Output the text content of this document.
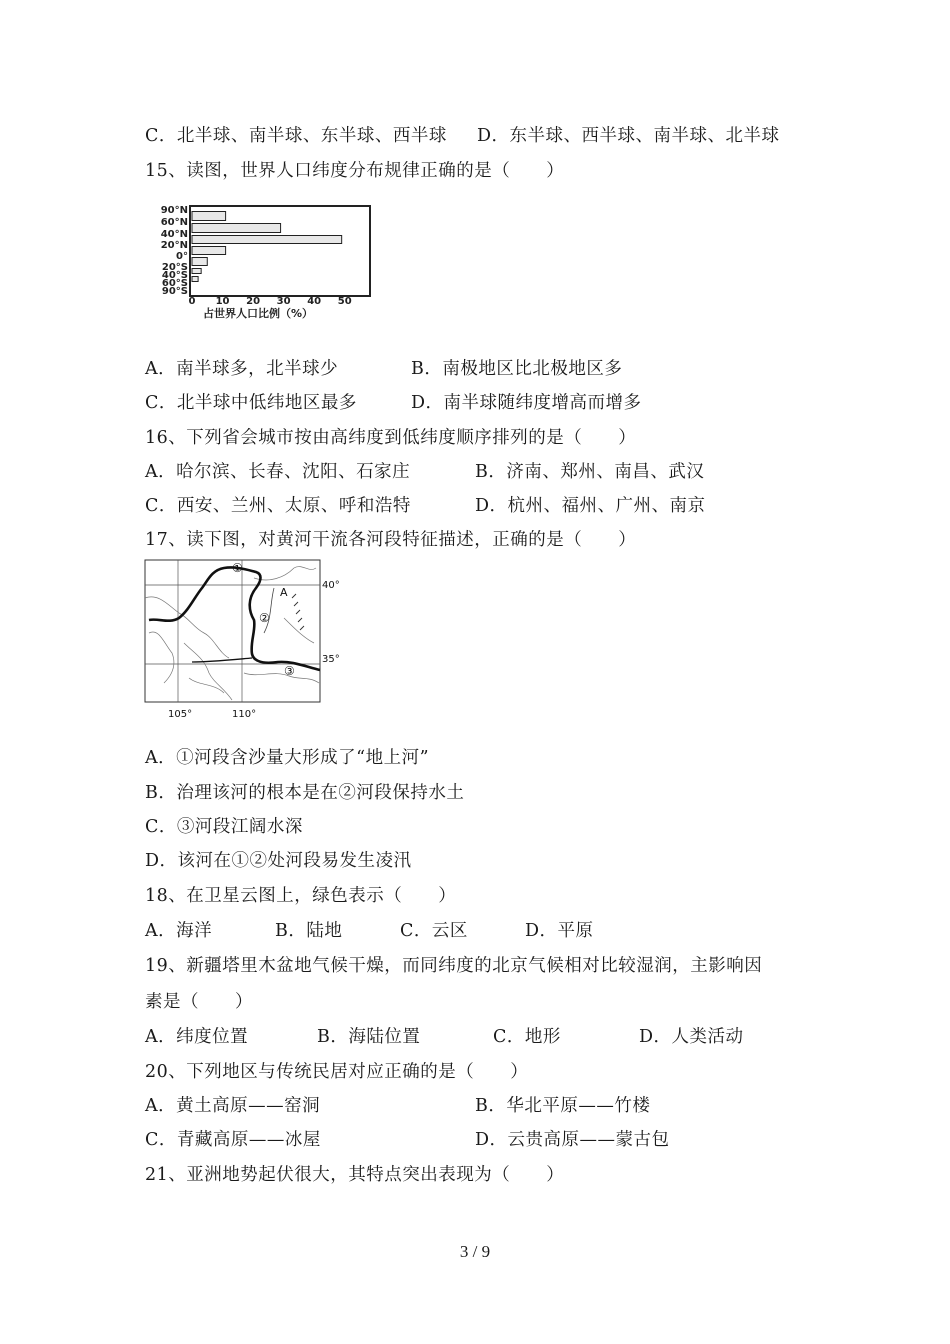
C．北半球、南半球、东半球、西半球 D．东半球、西半球、南半球、北半球
15、读图，世界人口纬度分布规律正确的是（　　）
90°N
60°N
40°N
20°N
0°
20°S
40°S
60°S
90°S
0 10 20 30 40 50
占世界人口比例（%）
A．南半球多，北半球少	B．南极地区比北极地区多
C．北半球中低纬地区最多	D．南半球随纬度增高而增多
16、下列省会城市按由高纬度到低纬度顺序排列的是（　　）
A．哈尔滨、长春、沈阳、石家庄	B．济南、郑州、南昌、武汉
C．西安、兰州、太原、呼和浩特	D．杭州、福州、广州、南京
17、读下图，对黄河干流各河段特征描述，正确的是（　　）
①
A
②
③
40°
35°
105°	110°
A．①河段含沙量大形成了“地上河”
B．治理该河的根本是在②河段保持水土
C．③河段江阔水深
D．该河在①②处河段易发生凌汛
18、在卫星云图上，绿色表示（　　）
A．海洋	B．陆地	C．云区	D．平原
19、新疆塔里木盆地气候干燥，而同纬度的北京气候相对比较湿润，主影响因
素是（　　）
A．纬度位置	B．海陆位置	C．地形	D．人类活动
20、下列地区与传统民居对应正确的是（　　）
A．黄土高原——窑洞	B．华北平原——竹楼
C．青藏高原——冰屋	D．云贵高原——蒙古包
21、亚洲地势起伏很大，其特点突出表现为（　　）
3 / 9
